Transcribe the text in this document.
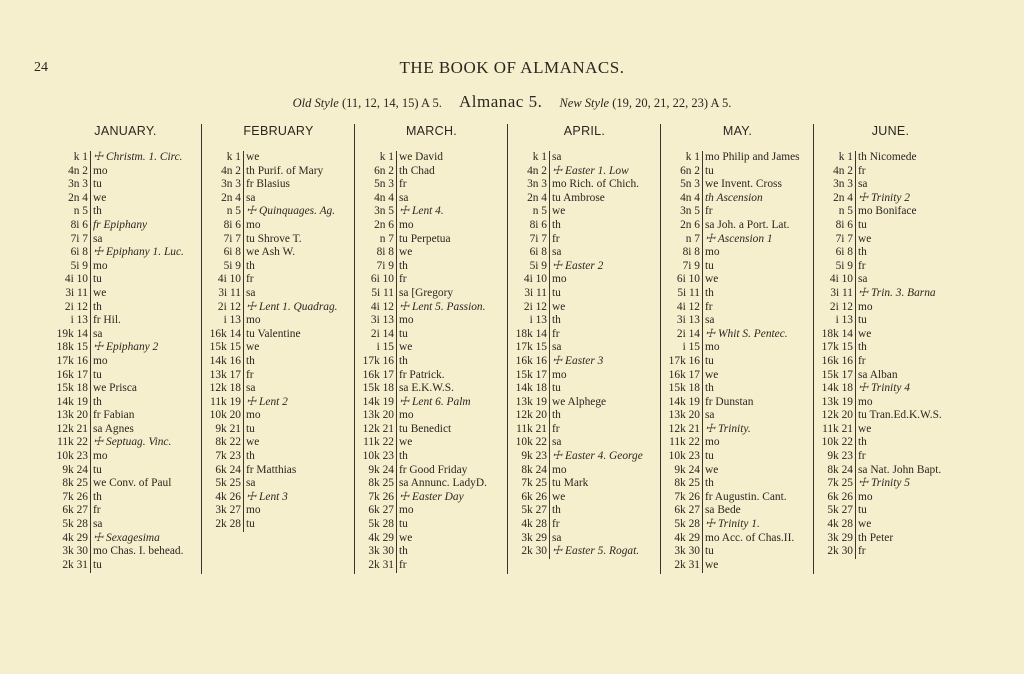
24	THE BOOK OF ALMANACS.
Old Style (11, 12, 14, 15) A 5. Almanac 5. New Style (19, 20, 21, 22, 23) A 5.
JANUARY.
k 1 ☩ Christm. 1. Circ.
4n 2 mo
3n 3 tu
2n 4 we
n 5 th
8i 6 fr Epiphany
7i 7 sa
6i 8 ☩ Epiphany 1. Luc.
5i 9 mo
4i 10 tu
3i 11 we
2i 12 th
i 13 fr Hil.
19k 14 sa
18k 15 ☩ Epiphany 2
17k 16 mo
16k 17 tu
15k 18 we Prisca
14k 19 th
13k 20 fr Fabian
12k 21 sa Agnes
11k 22 ☩ Septuag. Vinc.
10k 23 mo
9k 24 tu
8k 25 we Conv. of Paul
7k 26 th
6k 27 fr
5k 28 sa
4k 29 ☩ Sexagesima
3k 30 mo Chas. I. behead.
2k 31 tu
FEBRUARY
k 1 we
4n 2 th Purif. of Mary
3n 3 fr Blasius
2n 4 sa
n 5 ☩ Quinquages. Ag.
8i 6 mo
7i 7 tu Shrove T.
6i 8 we Ash W.
5i 9 th
4i 10 fr
3i 11 sa
2i 12 ☩ Lent 1. Quadrag.
i 13 mo
16k 14 tu Valentine
15k 15 we
14k 16 th
13k 17 fr
12k 18 sa
11k 19 ☩ Lent 2
10k 20 mo
9k 21 tu
8k 22 we
7k 23 th
6k 24 fr Matthias
5k 25 sa
4k 26 ☩ Lent 3
3k 27 mo
2k 28 tu
MARCH.
k 1 we David
6n 2 th Chad
5n 3 fr
4n 4 sa
3n 5 ☩ Lent 4.
2n 6 mo
n 7 tu Perpetua
8i 8 we
7i 9 th
6i 10 fr
5i 11 sa [Gregory
4i 12 ☩ Lent 5. Passion.
3i 13 mo
2i 14 tu
i 15 we
17k 16 th
16k 17 fr Patrick.
15k 18 sa E.K.W.S.
14k 19 ☩ Lent 6. Palm
13k 20 mo
12k 21 tu Benedict
11k 22 we
10k 23 th
9k 24 fr Good Friday
8k 25 sa Annunc. LadyD.
7k 26 ☩ Easter Day
6k 27 mo
5k 28 tu
4k 29 we
3k 30 th
2k 31 fr
APRIL.
k 1 sa
4n 2 ☩ Easter 1. Low
3n 3 mo Rich. of Chich.
2n 4 tu Ambrose
n 5 we
8i 6 th
7i 7 fr
6i 8 sa
5i 9 ☩ Easter 2
4i 10 mo
3i 11 tu
2i 12 we
i 13 th
18k 14 fr
17k 15 sa
16k 16 ☩ Easter 3
15k 17 mo
14k 18 tu
13k 19 we Alphege
12k 20 th
11k 21 fr
10k 22 sa
9k 23 ☩ Easter 4. George
8k 24 mo
7k 25 tu Mark
6k 26 we
5k 27 th
4k 28 fr
3k 29 sa
2k 30 ☩ Easter 5. Rogat.
MAY.
k 1 mo Philip and James
6n 2 tu
5n 3 we Invent. Cross
4n 4 th Ascension
3n 5 fr
2n 6 sa Joh. a Port. Lat.
n 7 ☩ Ascension 1
8i 8 mo
7i 9 tu
6i 10 we
5i 11 th
4i 12 fr
3i 13 sa
2i 14 ☩ Whit S. Pentec.
i 15 mo
17k 16 tu
16k 17 we
15k 18 th
14k 19 fr Dunstan
13k 20 sa
12k 21 ☩ Trinity.
11k 22 mo
10k 23 tu
9k 24 we
8k 25 th
7k 26 fr Augustin. Cant.
6k 27 sa Bede
5k 28 ☩ Trinity 1.
4k 29 mo Acc. of Chas.II.
3k 30 tu
2k 31 we
JUNE.
k 1 th Nicomede
4n 2 fr
3n 3 sa
2n 4 ☩ Trinity 2
n 5 mo Boniface
8i 6 tu
7i 7 we
6i 8 th
5i 9 fr
4i 10 sa
3i 11 ☩ Trin. 3. Barna
2i 12 mo
i 13 tu
18k 14 we
17k 15 th
16k 16 fr
15k 17 sa Alban
14k 18 ☩ Trinity 4
13k 19 mo
12k 20 tu Tran.Ed.K.W.S.
11k 21 we
10k 22 th
9k 23 fr
8k 24 sa Nat. John Bapt.
7k 25 ☩ Trinity 5
6k 26 mo
5k 27 tu
4k 28 we
3k 29 th Peter
2k 30 fr
